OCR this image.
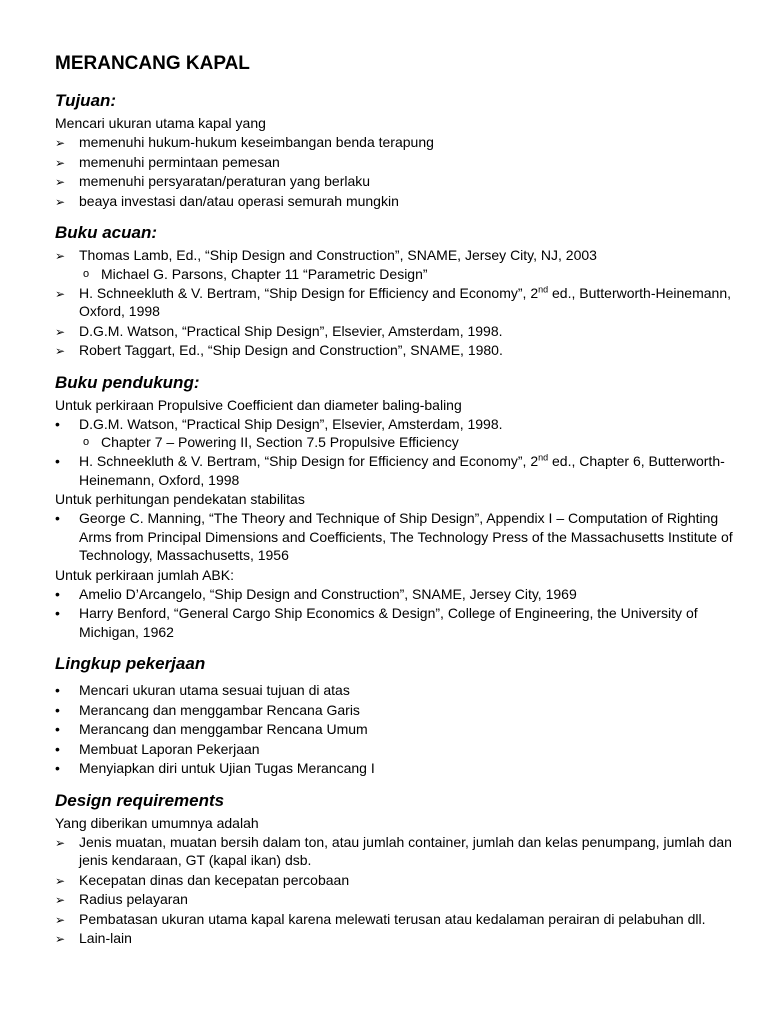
MERANCANG KAPAL
Tujuan:

Mencari ukuran utama kapal yang

➢
memenuhi hukum-hukum keseimbangan benda terapung
➢
memenuhi permintaan pemesan
➢
memenuhi persyaratan/peraturan yang berlaku
➢
beaya investasi dan/atau operasi semurah mungkin
Buku acuan:
➢
Thomas Lamb, Ed., “Ship Design and Construction”, SNAME, Jersey City, NJ, 2003
o Michael G. Parsons, Chapter 11 “Parametric Design”
➢
H. Schneekluth & V. Bertram, “Ship Design for Efficiency and Economy”, 2nd ed., Butterworth-Heinemann, Oxford, 1998
➢
D.G.M. Watson, “Practical Ship Design”, Elsevier, Amsterdam, 1998.
➢
Robert Taggart, Ed., “Ship Design and Construction”, SNAME, 1980.
Buku pendukung:

Untuk perkiraan Propulsive Coefficient dan diameter baling-baling

•
D.G.M. Watson, “Practical Ship Design”, Elsevier, Amsterdam, 1998.
o Chapter 7 – Powering II, Section 7.5 Propulsive Efficiency
•
H. Schneekluth & V. Bertram, “Ship Design for Efficiency and Economy”, 2nd ed., Chapter 6, Butterworth-Heinemann, Oxford, 1998

Untuk perhitungan pendekatan stabilitas

•
George C. Manning, “The Theory and Technique of Ship Design”, Appendix I – Computation of Righting Arms from Principal Dimensions and Coefficients, The Technology Press of the Massachusetts Institute of Technology, Massachusetts, 1956

Untuk perkiraan jumlah ABK:

•
Amelio D’Arcangelo, “Ship Design and Construction”, SNAME, Jersey City, 1969
•
Harry Benford, “General Cargo Ship Economics & Design”, College of Engineering, the University of Michigan, 1962
Lingkup pekerjaan
•
Mencari ukuran utama sesuai tujuan di atas
•
Merancang dan menggambar Rencana Garis
•
Merancang dan menggambar Rencana Umum
•
Membuat Laporan Pekerjaan
•
Menyiapkan diri untuk Ujian Tugas Merancang I
Design requirements

Yang diberikan umumnya adalah

➢
Jenis muatan, muatan bersih dalam ton, atau jumlah container, jumlah dan kelas penumpang, jumlah dan jenis kendaraan, GT (kapal ikan) dsb.
➢
Kecepatan dinas dan kecepatan percobaan
➢
Radius pelayaran
➢
Pembatasan ukuran utama kapal karena melewati terusan atau kedalaman perairan di pelabuhan dll.
➢
Lain-lain
